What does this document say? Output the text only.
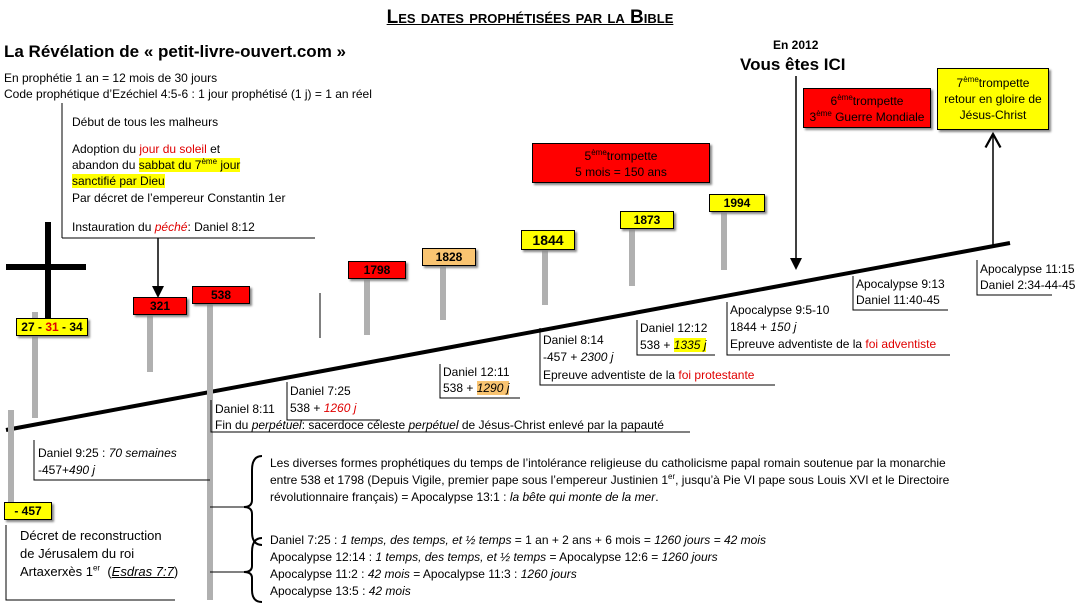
Les dates prophétisées par la Bible
La Révélation de « petit-livre-ouvert.com »
En prophétie 1 an = 12 mois de 30 jours
Code prophétique d’Ezéchiel 4:5-6 : 1 jour prophétisé (1 j) = 1 an réel
Début de tous les malheurs
Adoption du jour du soleil et
abandon du sabbat du 7ème jour
sanctifié par Dieu
Par décret de l’empereur Constantin 1er
Instauration du péché: Daniel 8:12
En 2012
Vous êtes ICI
- 457
27 - 31 - 34
321
538
1798
1828
1844
1873
1994
5èmetrompette
5 mois = 150 ans
6èmetrompette
3ème Guerre Mondiale
7èmetrompette
retour en gloire de
Jésus-Christ
Décret de reconstruction
de Jérusalem du roi
Artaxerxès 1er  (Esdras 7:7)
Daniel 9:25 : 70 semaines
-457+490 j
Daniel 8:11
Fin du perpétuel: sacerdoce céleste perpétuel de Jésus-Christ enlevé par la papauté
Daniel 7:25
538 + 1260 j
Daniel 12:11
538 + 1290 j
Daniel 8:14
-457 + 2300 j
Epreuve adventiste de la foi protestante
Daniel 12:12
538 + 1335 j
Apocalypse 9:5-10
1844 + 150 j
Epreuve adventiste de la foi adventiste
Apocalypse 9:13
Daniel 11:40-45
Apocalypse 11:15
Daniel 2:34-44-45
Les diverses formes prophétiques du temps de l’intolérance religieuse du catholicisme papal romain soutenue par la monarchie
entre 538 et 1798 (Depuis Vigile, premier pape sous l’empereur Justinien 1er, jusqu’à Pie VI pape sous Louis XVI et le Directoire
révolutionnaire français) = Apocalypse 13:1 : la bête qui monte de la mer.
Daniel 7:25 : 1 temps, des temps, et ½ temps = 1 an + 2 ans + 6 mois = 1260 jours = 42 mois
Apocalypse 12:14 : 1 temps, des temps, et ½ temps = Apocalypse 12:6 = 1260 jours
Apocalypse 11:2 : 42 mois = Apocalypse 11:3 : 1260 jours
Apocalypse 13:5 : 42 mois
